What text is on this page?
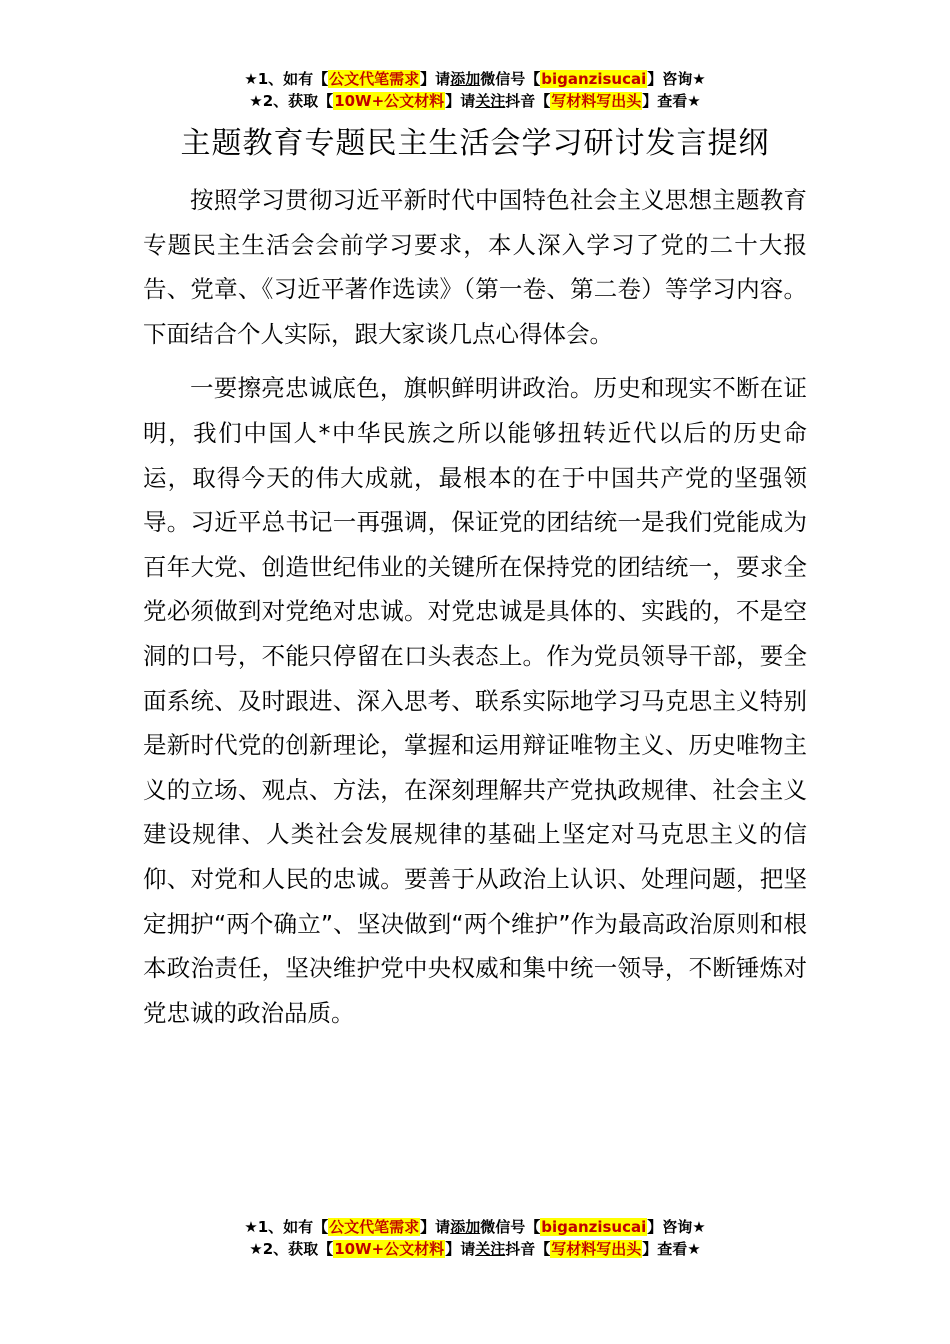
★1、如有【公文代笔需求】请添加微信号【biganzisucai】咨询★
★2、获取【10W+公文材料】请关注抖音【写材料写出头】查看★
主题教育专题民主生活会学习研讨发言提纲

按照学习贯彻习近平新时代中国特色社会主义思想主题教育专题民主生活会会前学习要求，本人深入学习了党的二十大报告、党章、《习近平著作选读》（第一卷、第二卷）等学习内容。下面结合个人实际，跟大家谈几点心得体会。

一要擦亮忠诚底色，旗帜鲜明讲政治。历史和现实不断在证明，我们中国人*中华民族之所以能够扭转近代以后的历史命运，取得今天的伟大成就，最根本的在于中国共产党的坚强领导。习近平总书记一再强调，保证党的团结统一是我们党能成为百年大党、创造世纪伟业的关键所在保持党的团结统一，要求全党必须做到对党绝对忠诚。对党忠诚是具体的、实践的，不是空洞的口号，不能只停留在口头表态上。作为党员领导干部，要全面系统、及时跟进、深入思考、联系实际地学习马克思主义特别是新时代党的创新理论，掌握和运用辩证唯物主义、历史唯物主义的立场、观点、方法，在深刻理解共产党执政规律、社会主义建设规律、人类社会发展规律的基础上坚定对马克思主义的信仰、对党和人民的忠诚。要善于从政治上认识、处理问题，把坚定拥护“两个确立”、坚决做到“两个维护”作为最高政治原则和根本政治责任，坚决维护党中央权威和集中统一领导，不断锤炼对党忠诚的政治品质。

★1、如有【公文代笔需求】请添加微信号【biganzisucai】咨询★
★2、获取【10W+公文材料】请关注抖音【写材料写出头】查看★
